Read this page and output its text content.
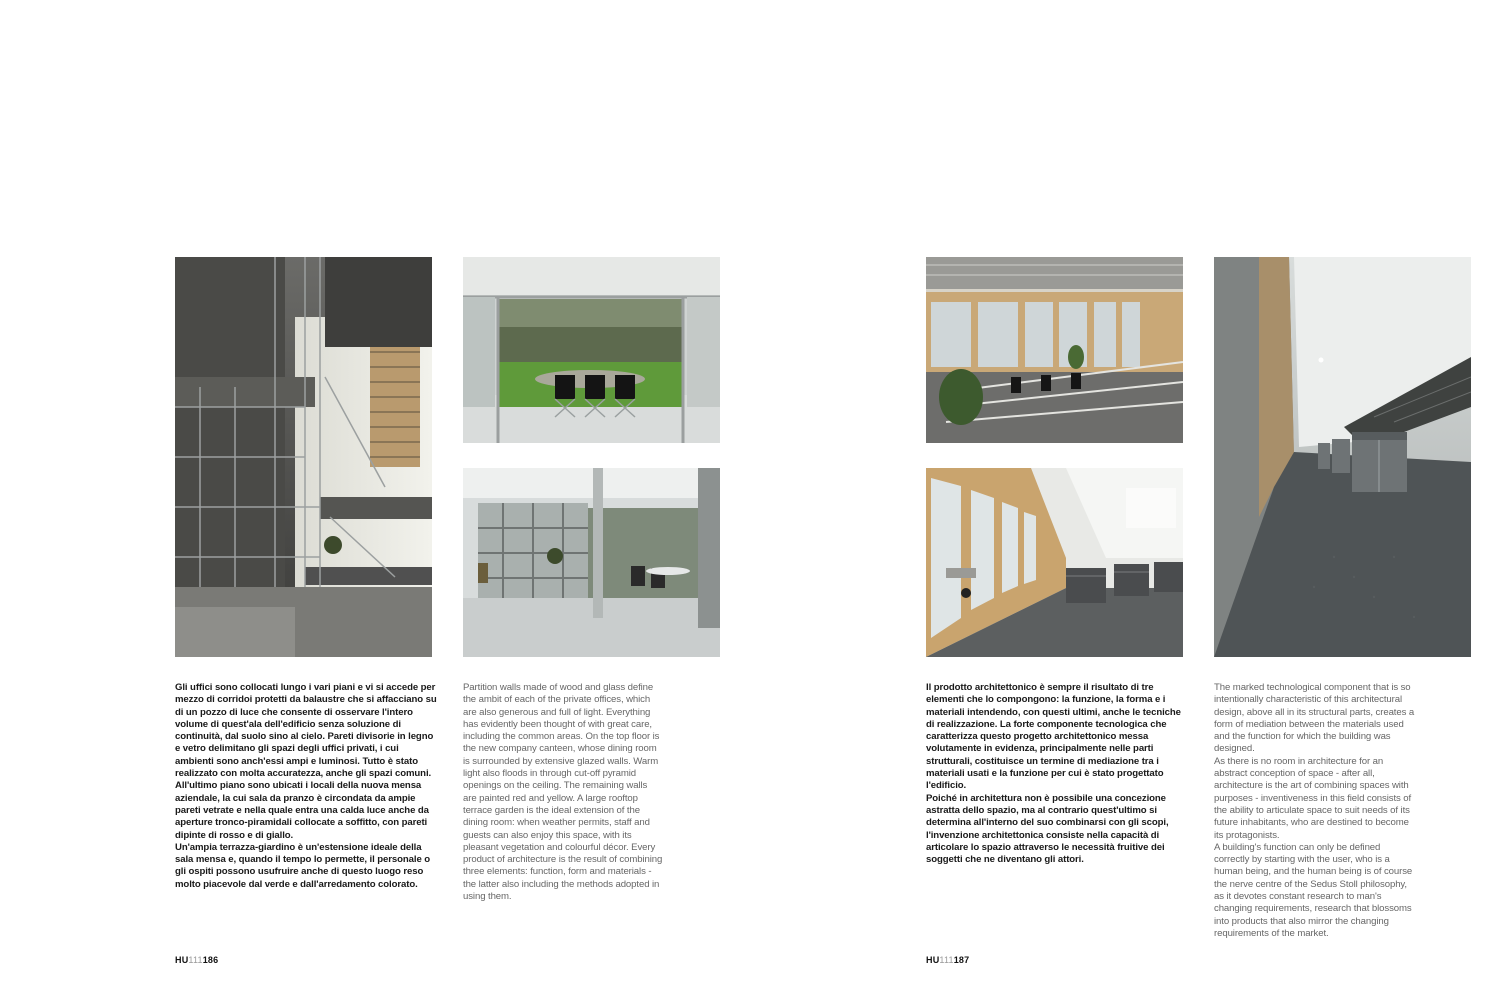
Gli uffici sono collocati lungo i vari piani e vi si accede per mezzo di corridoi protetti da balaustre che si affacciano su di un pozzo di luce che consente di osservare l'intero volume di quest'ala dell'edificio senza soluzione di continuità, dal suolo sino al cielo. Pareti divisorie in legno e vetro delimitano gli spazi degli uffici privati, i cui ambienti sono anch'essi ampi e luminosi. Tutto è stato realizzato con molta accuratezza, anche gli spazi comuni. All'ultimo piano sono ubicati i locali della nuova mensa aziendale, la cui sala da pranzo è circondata da ampie pareti vetrate e nella quale entra una calda luce anche da aperture tronco-piramidali collocate a soffitto, con pareti dipinte di rosso e di giallo.

Un'ampia terrazza-giardino è un'estensione ideale della sala mensa e, quando il tempo lo permette, il personale o gli ospiti possono usufruire anche di questo luogo reso molto piacevole dal verde e dall'arredamento colorato.

Partition walls made of wood and glass define the ambit of each of the private offices, which are also generous and full of light. Everything has evidently been thought of with great care, including the common areas. On the top floor is the new company canteen, whose dining room is surrounded by extensive glazed walls. Warm light also floods in through cut-off pyramid openings on the ceiling. The remaining walls are painted red and yellow. A large rooftop terrace garden is the ideal extension of the dining room: when weather permits, staff and guests can also enjoy this space, with its pleasant vegetation and colourful décor. Every product of architecture is the result of combining three elements: function, form and materials - the latter also including the methods adopted in using them.

HU111186

Il prodotto architettonico è sempre il risultato di tre elementi che lo compongono: la funzione, la forma e i materiali intendendo, con questi ultimi, anche le tecniche di realizzazione. La forte componente tecnologica che caratterizza questo progetto architettonico messa volutamente in evidenza, principalmente nelle parti strutturali, costituisce un termine di mediazione tra i materiali usati e la funzione per cui è stato progettato l'edificio.

Poiché in architettura non è possibile una concezione astratta dello spazio, ma al contrario quest'ultimo si determina all'interno del suo combinarsi con gli scopi, l'invenzione architettonica consiste nella capacità di articolare lo spazio attraverso le necessità fruitive dei soggetti che ne diventano gli attori.

The marked technological component that is so intentionally characteristic of this architectural design, above all in its structural parts, creates a form of mediation between the materials used and the function for which the building was designed.

As there is no room in architecture for an abstract conception of space - after all, architecture is the art of combining spaces with purposes - inventiveness in this field consists of the ability to articulate space to suit needs of its future inhabitants, who are destined to become its protagonists.

A building's function can only be defined correctly by starting with the user, who is a human being, and the human being is of course the nerve centre of the Sedus Stoll philosophy, as it devotes constant research to man's changing requirements, research that blossoms into products that also mirror the changing requirements of the market.

HU111187
